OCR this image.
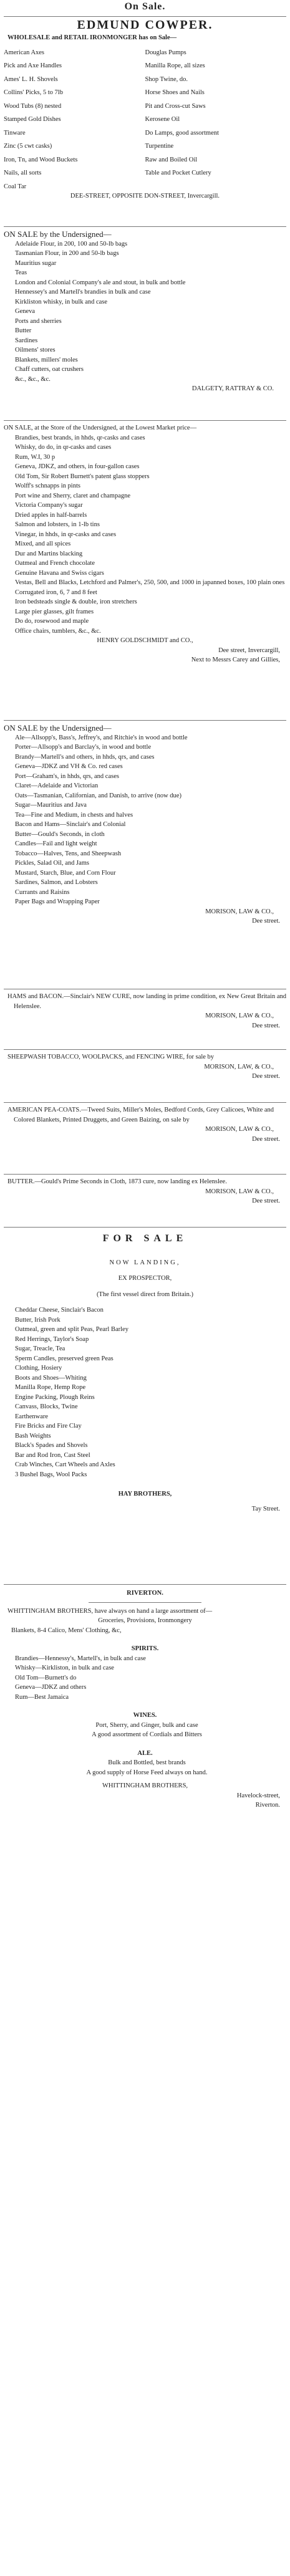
On Sale.
EDMUND COWPER.
WHOLESALE and RETAIL IRONMONGER has on Sale—
American Axes	Douglas Pumps
Pick and Axe Handles	Manilla Rope, all sizes
Ames' L. H. Shovels	Shop Twine, do.
Collins' Picks, 5 to 7lb	Horse Shoes and Nails
Wood Tubs (8) nested	Pit and Cross-cut Saws
Stamped Gold Dishes	Kerosene Oil
Tinware	Do Lamps, good assortment
Zinc (5 cwt casks)	Turpentine
Iron, Tn, and Wood Buckets	Raw and Boiled Oil
Nails, all sorts	Table and Pocket Cutlery
Coal Tar
DEE-STREET, OPPOSITE DON-STREET, Invercargill.
ON SALE by the Undersigned—
Adelaide Flour, in 200, 100 and 50-lb bags
Tasmanian Flour, in 200 and 50-lb bags
Mauritius sugar
Teas
London and Colonial Company's ale and stout, in bulk and bottle
Hennessey's and Martell's brandies in bulk and case
Kirkliston whisky, in bulk and case
Geneva
Ports and sherries
Butter
Sardines
Oilmens' stores
Blankets, millers' moles
Chaff cutters, oat crushers
&c., &c., &c.
DALGETY, RATTRAY & CO.
ON SALE, at the Store of the Undersigned, at the Lowest Market price—
Brandies, best brands, in hhds, qr-casks and cases
Whisky, do do, in qr-casks and cases
Rum, W.I, 30 p
Geneva, JDKZ, and others, in four-gallon cases
Old Tom, Sir Robert Burnett's patent glass stoppers
Wolff's schnapps in pints
Port wine and Sherry, claret and champagne
Victoria Company's sugar
Dried apples in half-barrels
Salmon and lobsters, in 1-lb tins
Vinegar, in hhds, in qr-casks and cases
Mixed, and all spices
Dur and Martins blacking
Oatmeal and French chocolate
Genuine Havana and Swiss cigars
Vestas, Bell and Blacks, Letchford and Palmer's, 250, 500, and 1000 in japanned boxes, 100 plain ones
Corrugated iron, 6, 7 and 8 feet
Iron bedsteads single & double, iron stretchers
Large pier glasses, gilt frames
Do do, rosewood and maple
Office chairs, tumblers, &c., &c.
HENRY GOLDSCHMIDT and CO.,
Dee street, Invercargill,
Next to Messrs Carey and Gillies,
ON SALE by the Undersigned—
Ale—Allsopp's, Bass's, Jeffrey's, and Ritchie's in wood and bottle
Porter—Allsopp's and Barclay's, in wood and bottle
Brandy—Martell's and others, in hhds, qrs, and cases
Geneva—JDKZ and VH & Co. red cases
Port—Graham's, in hhds, qrs, and cases
Claret—Adelaide and Victorian
Oats—Tasmanian, Californian, and Danish, to arrive (now due)
Sugar—Mauritius and Java
Tea—Fine and Medium, in chests and halves
Bacon and Hams—Sinclair's and Colonial
Butter—Gould's Seconds, in cloth
Candles—Fail and light weight
Tobacco—Halves, Tens, and Sheepwash
Pickles, Salad Oil, and Jams
Mustard, Starch, Blue, and Corn Flour
Sardines, Salmon, and Lobsters
Currants and Raisins
Paper Bags and Wrapping Paper
MORISON, LAW & CO.,
Dee street.
HAMS and BACON.—Sinclair's NEW CURE, now landing in prime condition, ex New Great Britain and Helenslee.
MORISON, LAW & CO.,
Dee street.
SHEEPWASH TOBACCO, WOOLPACKS, and FENCING WIRE, for sale by
MORISON, LAW, & CO.,
Dee street.
AMERICAN PEA-COATS.—Tweed Suits, Miller's Moles, Bedford Cords, Grey Calicoes, White and Colored Blankets, Printed Druggets, and Green Baizing, on sale by
MORISON, LAW & CO.,
Dee street.
BUTTER.—Gould's Prime Seconds in Cloth, 1873 cure, now landing ex Helenslee.
MORISON, LAW & CO.,
Dee street.
FOR SALE
NOW LANDING,
EX PROSPECTOR,
(The first vessel direct from Britain.)
Cheddar Cheese, Sinclair's Bacon
Butter, Irish Pork
Oatmeal, green and split Peas, Pearl Barley
Red Herrings, Taylor's Soap
Sugar, Treacle, Tea
Sperm Candles, preserved green Peas
Clothing, Hosiery
Boots and Shoes—Whiting
Manilla Rope, Hemp Rope
Engine Packing, Plough Reins
Canvass, Blocks, Twine
Earthenware
Fire Bricks and Fire Clay
Bash Weights
Black's Spades and Shovels
Bar and Rod Iron, Cast Steel
Crab Winches, Cart Wheels and Axles
3 Bushel Bags, Wool Packs
HAY BROTHERS,
Tay Street.
RIVERTON.
WHITTINGHAM BROTHERS, have always on hand a large assortment of—
Groceries, Provisions, Ironmongery
Blankets, 8-4 Calico, Mens' Clothing, &c,
SPIRITS.
Brandies—Hennessy's, Martell's, in bulk and case
Whisky—Kirkliston, in bulk and case
Old Tom—Burnett's do
Geneva—JDKZ and others
Rum—Best Jamaica
WINES.
Port, Sherry, and Ginger, bulk and case
A good assortment of Cordials and Bitters
ALE.
Bulk and Bottled, best brands
A good supply of Horse Feed always on hand.
WHITTINGHAM BROTHERS,
Havelock-street,
Riverton.
